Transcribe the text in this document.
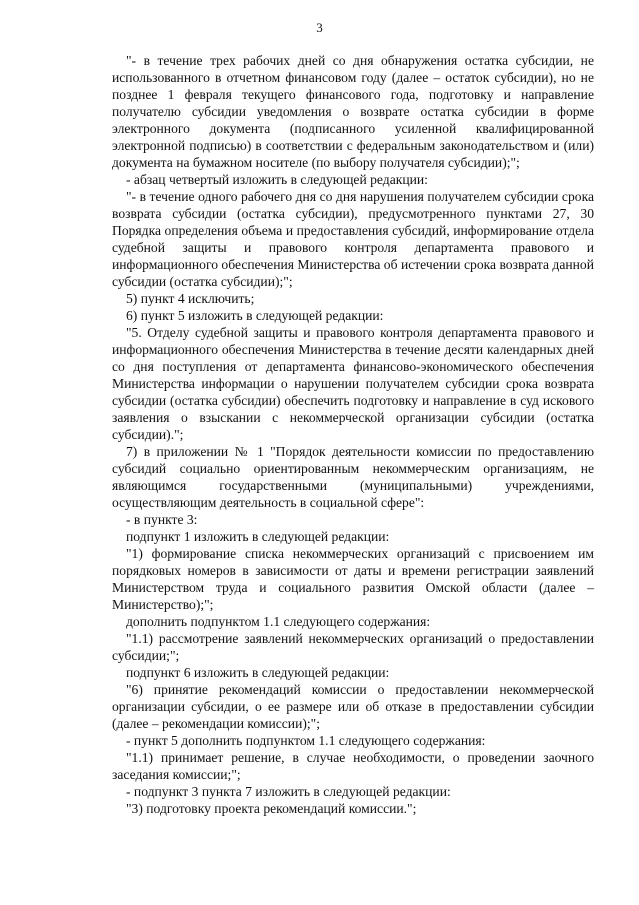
3

"- в течение трех рабочих дней со дня обнаружения остатка субсидии, не использованного в отчетном финансовом году (далее – остаток субсидии), но не позднее 1 февраля текущего финансового года, подготовку и направление получателю субсидии уведомления о возврате остатка субсидии в форме электронного документа (подписанного усиленной квалифицированной электронной подписью) в соответствии с федеральным законодательством и (или) документа на бумажном носителе (по выбору получателя субсидии);";

- абзац четвертый изложить в следующей редакции:

"- в течение одного рабочего дня со дня нарушения получателем субсидии срока возврата субсидии (остатка субсидии), предусмотренного пунктами 27, 30 Порядка определения объема и предоставления субсидий, информирование отдела судебной защиты и правового контроля департамента правового и информационного обеспечения Министерства об истечении срока возврата данной субсидии (остатка субсидии);";

5) пункт 4 исключить;

6) пункт 5 изложить в следующей редакции:

"5. Отделу судебной защиты и правового контроля департамента правового и информационного обеспечения Министерства в течение десяти календарных дней со дня поступления от департамента финансово-экономического обеспечения Министерства информации о нарушении получателем субсидии срока возврата субсидии (остатка субсидии) обеспечить подготовку и направление в суд искового заявления о взыскании с некоммерческой организации субсидии (остатка субсидии).";

7) в приложении № 1 "Порядок деятельности комиссии по предоставлению субсидий социально ориентированным некоммерческим организациям, не являющимся государственными (муниципальными) учреждениями, осуществляющим деятельность в социальной сфере":

- в пункте 3:

подпункт 1 изложить в следующей редакции:

"1) формирование списка некоммерческих организаций с присвоением им порядковых номеров в зависимости от даты и времени регистрации заявлений Министерством труда и социального развития Омской области (далее – Министерство);";

дополнить подпунктом 1.1 следующего содержания:

"1.1) рассмотрение заявлений некоммерческих организаций о предоставлении субсидии;";

подпункт 6 изложить в следующей редакции:

"6) принятие рекомендаций комиссии о предоставлении некоммерческой организации субсидии, о ее размере или об отказе в предоставлении субсидии (далее – рекомендации комиссии);";

- пункт 5 дополнить подпунктом 1.1 следующего содержания:

"1.1) принимает решение, в случае необходимости, о проведении заочного заседания комиссии;";

- подпункт 3 пункта 7 изложить в следующей редакции:

"3) подготовку проекта рекомендаций комиссии.";
